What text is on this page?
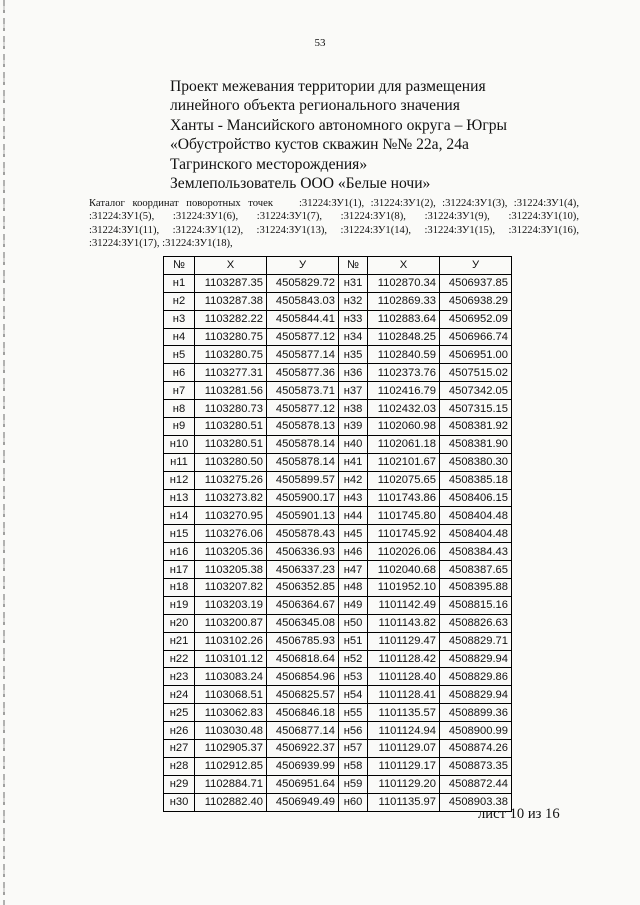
53
Проект межевания территории для размещения
линейного объекта регионального значения
Ханты - Мансийского автономного округа – Югры
«Обустройство кустов скважин №№ 22а, 24а
Тагринского месторождения»
Землепользователь ООО «Белые ночи»
Каталог координат поворотных точек :31224:ЗУ1(1), :31224:ЗУ1(2), :31224:ЗУ1(3), :31224:ЗУ1(4),
:31224:ЗУ1(5), :31224:ЗУ1(6), :31224:ЗУ1(7), :31224:ЗУ1(8), :31224:ЗУ1(9), :31224:ЗУ1(10),
:31224:ЗУ1(11), :31224:ЗУ1(12), :31224:ЗУ1(13), :31224:ЗУ1(14), :31224:ЗУ1(15), :31224:ЗУ1(16),
:31224:ЗУ1(17), :31224:ЗУ1(18),
№	X	У	№	X	У
н1	1103287.35	4505829.72	н31	1102870.34	4506937.85
н2	1103287.38	4505843.03	н32	1102869.33	4506938.29
н3	1103282.22	4505844.41	н33	1102883.64	4506952.09
н4	1103280.75	4505877.12	н34	1102848.25	4506966.74
н5	1103280.75	4505877.14	н35	1102840.59	4506951.00
н6	1103277.31	4505877.36	н36	1102373.76	4507515.02
н7	1103281.56	4505873.71	н37	1102416.79	4507342.05
н8	1103280.73	4505877.12	н38	1102432.03	4507315.15
н9	1103280.51	4505878.13	н39	1102060.98	4508381.92
н10	1103280.51	4505878.14	н40	1102061.18	4508381.90
н11	1103280.50	4505878.14	н41	1102101.67	4508380.30
н12	1103275.26	4505899.57	н42	1102075.65	4508385.18
н13	1103273.82	4505900.17	н43	1101743.86	4508406.15
н14	1103270.95	4505901.13	н44	1101745.80	4508404.48
н15	1103276.06	4505878.43	н45	1101745.92	4508404.48
н16	1103205.36	4506336.93	н46	1102026.06	4508384.43
н17	1103205.38	4506337.23	н47	1102040.68	4508387.65
н18	1103207.82	4506352.85	н48	1101952.10	4508395.88
н19	1103203.19	4506364.67	н49	1101142.49	4508815.16
н20	1103200.87	4506345.08	н50	1101143.82	4508826.63
н21	1103102.26	4506785.93	н51	1101129.47	4508829.71
н22	1103101.12	4506818.64	н52	1101128.42	4508829.94
н23	1103083.24	4506854.96	н53	1101128.40	4508829.86
н24	1103068.51	4506825.57	н54	1101128.41	4508829.94
н25	1103062.83	4506846.18	н55	1101135.57	4508899.36
н26	1103030.48	4506877.14	н56	1101124.94	4508900.99
н27	1102905.37	4506922.37	н57	1101129.07	4508874.26
н28	1102912.85	4506939.99	н58	1101129.17	4508873.35
н29	1102884.71	4506951.64	н59	1101129.20	4508872.44
н30	1102882.40	4506949.49	н60	1101135.97	4508903.38
лист 10 из 16
